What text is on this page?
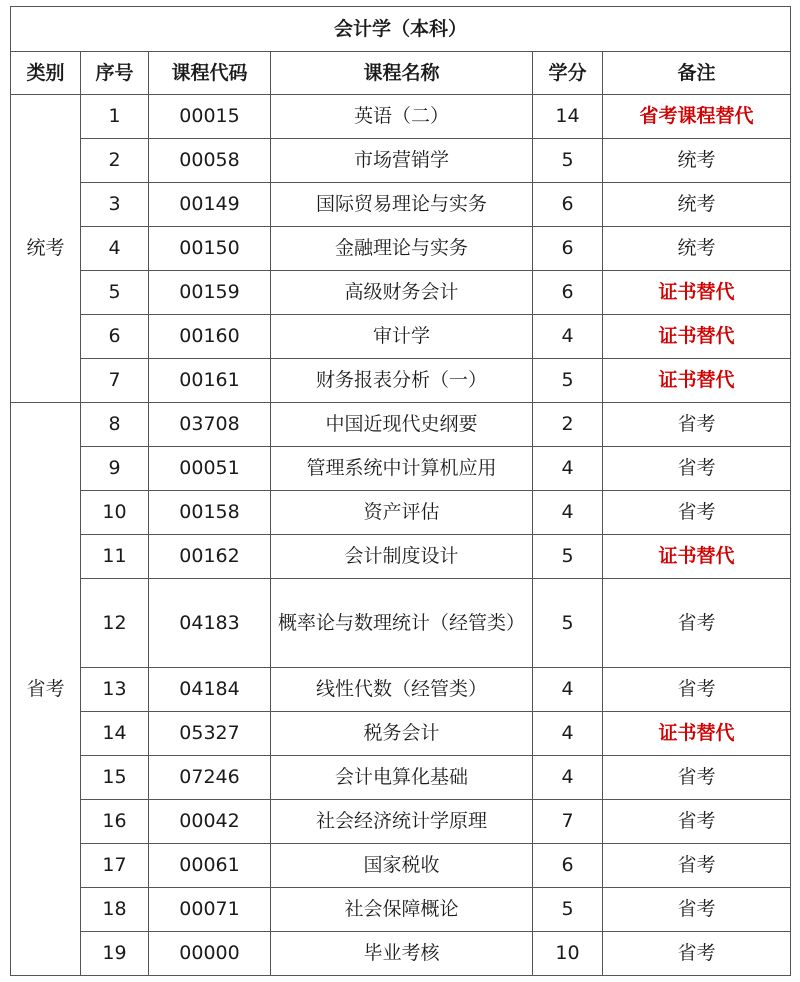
会计学（本科）					
类别	序号	课程代码	课程名称	学分	备注
统考	1	00015	英语（二）	14	省考课程替代
	2	00058	市场营销学	5	统考
	3	00149	国际贸易理论与实务	6	统考
	4	00150	金融理论与实务	6	统考
	5	00159	高级财务会计	6	证书替代
	6	00160	审计学	4	证书替代
	7	00161	财务报表分析（一）	5	证书替代
省考	8	03708	中国近现代史纲要	2	省考
	9	00051	管理系统中计算机应用	4	省考
	10	00158	资产评估	4	省考
	11	00162	会计制度设计	5	证书替代
	12	04183	概率论与数理统计（经管类）	5	省考
	13	04184	线性代数（经管类）	4	省考
	14	05327	税务会计	4	证书替代
	15	07246	会计电算化基础	4	省考
	16	00042	社会经济统计学原理	7	省考
	17	00061	国家税收	6	省考
	18	00071	社会保障概论	5	省考
	19	00000	毕业考核	10	省考
